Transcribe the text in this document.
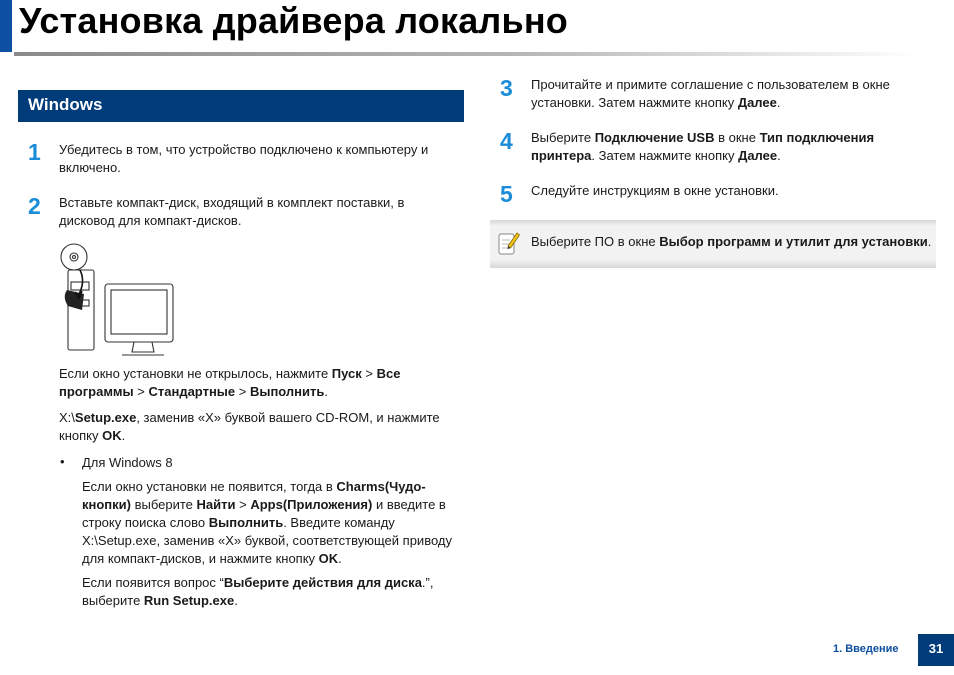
Установка драйвера локально
Windows
1 Убедитесь в том, что устройство подключено к компьютеру и включено.
2 Вставьте компакт-диск, входящий в комплект поставки, в дисковод для компакт-дисков.
Если окно установки не открылось, нажмите Пуск > Все программы > Стандартные > Выполнить.
X:\Setup.exe, заменив «X» буквой вашего CD-ROM, и нажмите кнопку OK.
• Для Windows 8
Если окно установки не появится, тогда в Charms(Чудо-кнопки) выберите Найти > Apps(Приложения) и введите в строку поиска слово Выполнить. Введите команду X:\Setup.exe, заменив «X» буквой, соответствующей приводу для компакт-дисков, и нажмите кнопку OK.
Если появится вопрос “Выберите действия для диска.”, выберите Run Setup.exe.
3 Прочитайте и примите соглашение с пользователем в окне установки. Затем нажмите кнопку Далее.
4 Выберите Подключение USB в окне Тип подключения принтера. Затем нажмите кнопку Далее.
5 Следуйте инструкциям в окне установки.
Выберите ПО в окне Выбор программ и утилит для установки.
1. Введение	31
